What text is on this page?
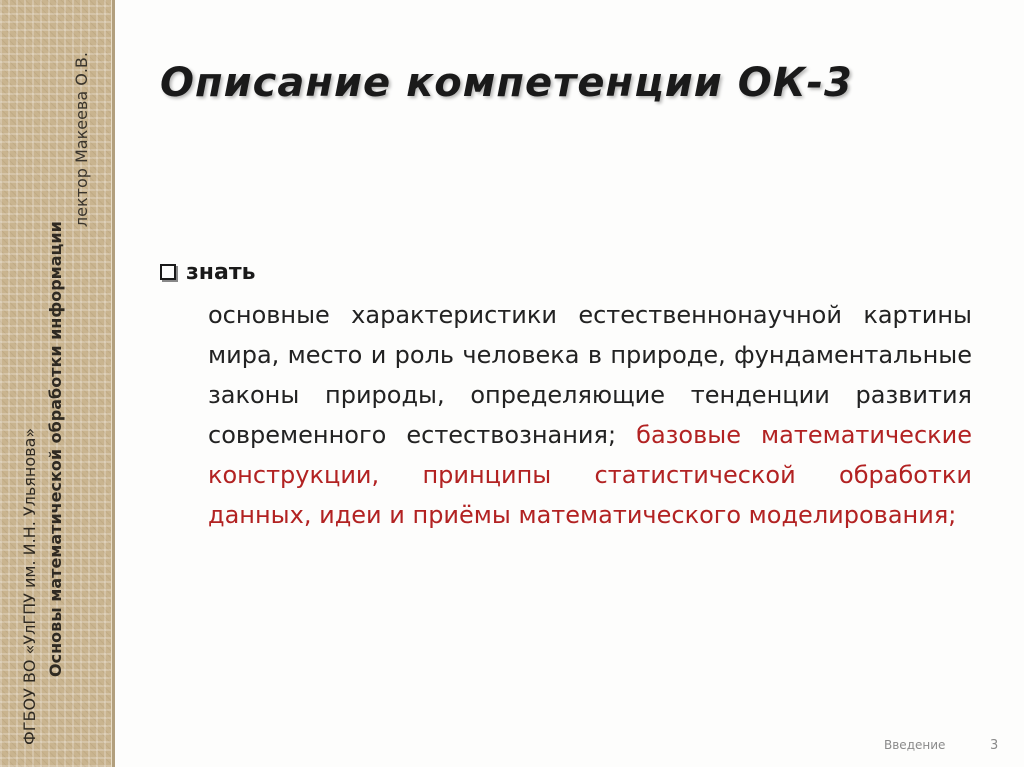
ФГБОУ ВО «УлГПУ им. И.Н. Ульянова» Основы математической обработки информации
лектор Макеева О.В. Описание компетенции ОК-3
знать
основные характеристики естественнонаучной картины мира, место и роль человека в природе, фундаментальные законы природы, определяющие тенденции развития современного естествознания; базовые математические конструкции, принципы статистической обработки данных, идеи и приёмы математического моделирования;
Введение	3
